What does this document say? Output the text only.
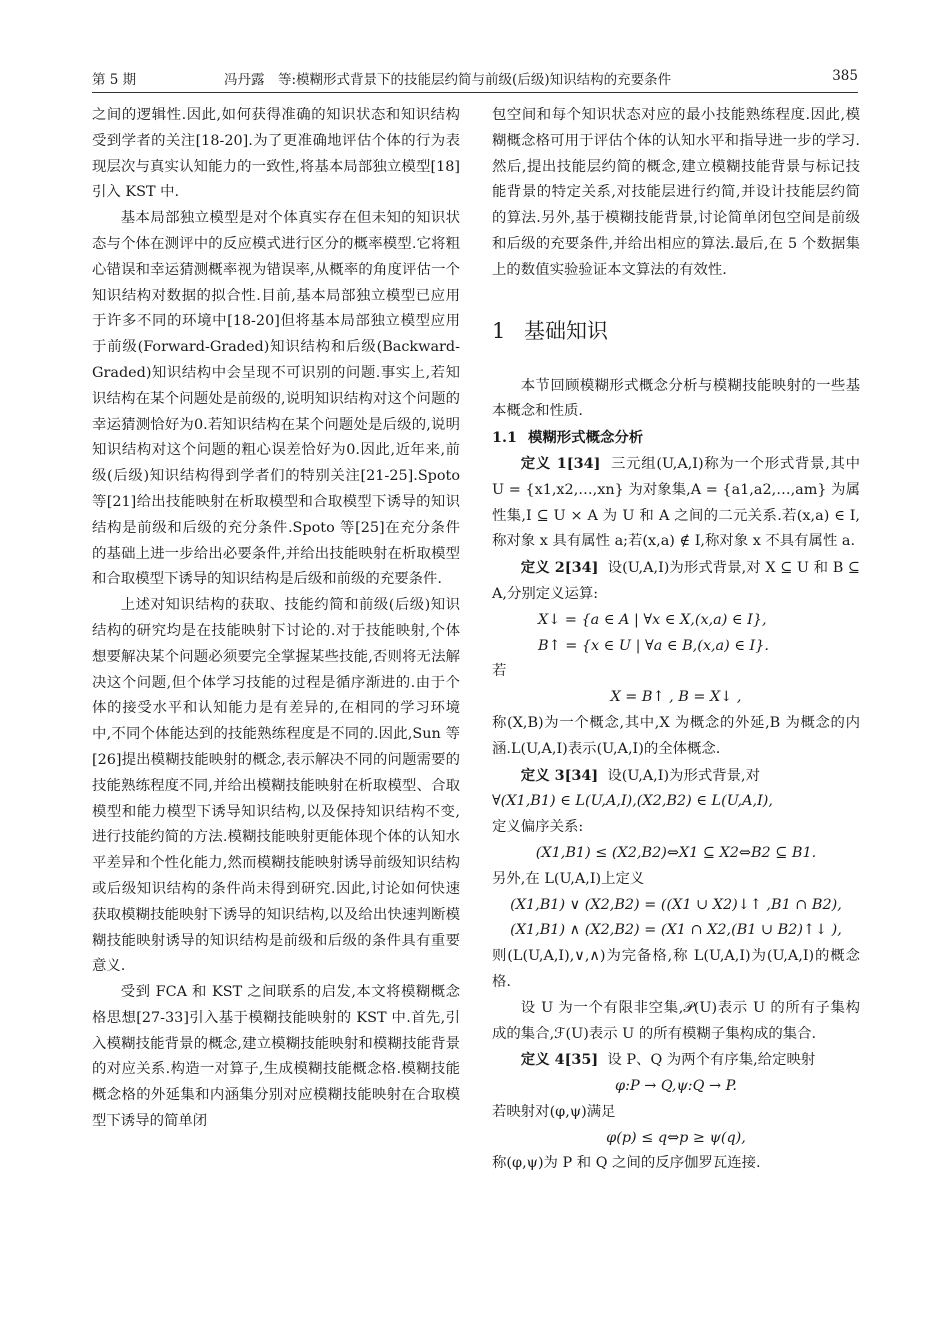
第 5 期	冯丹露　等:模糊形式背景下的技能层约简与前级(后级)知识结构的充要条件	385

之间的逻辑性.因此,如何获得准确的知识状态和知识结构受到学者的关注[18-20].为了更准确地评估个体的行为表现层次与真实认知能力的一致性,将基本局部独立模型[18]引入 KST 中.

基本局部独立模型是对个体真实存在但未知的知识状态与个体在测评中的反应模式进行区分的概率模型.它将粗心错误和幸运猜测概率视为错误率,从概率的角度评估一个知识结构对数据的拟合性.目前,基本局部独立模型已应用于许多不同的环境中[18-20]但将基本局部独立模型应用于前级(Forward-Graded)知识结构和后级(Backward-Graded)知识结构中会呈现不可识别的问题.事实上,若知识结构在某个问题处是前级的,说明知识结构对这个问题的幸运猜测恰好为0.若知识结构在某个问题处是后级的,说明知识结构对这个问题的粗心误差恰好为0.因此,近年来,前级(后级)知识结构得到学者们的特别关注[21-25].Spoto 等[21]给出技能映射在析取模型和合取模型下诱导的知识结构是前级和后级的充分条件.Spoto 等[25]在充分条件的基础上进一步给出必要条件,并给出技能映射在析取模型和合取模型下诱导的知识结构是后级和前级的充要条件.

上述对知识结构的获取、技能约简和前级(后级)知识结构的研究均是在技能映射下讨论的.对于技能映射,个体想要解决某个问题必须要完全掌握某些技能,否则将无法解决这个问题,但个体学习技能的过程是循序渐进的.由于个体的接受水平和认知能力是有差异的,在相同的学习环境中,不同个体能达到的技能熟练程度是不同的.因此,Sun 等[26]提出模糊技能映射的概念,表示解决不同的问题需要的技能熟练程度不同,并给出模糊技能映射在析取模型、合取模型和能力模型下诱导知识结构,以及保持知识结构不变,进行技能约简的方法.模糊技能映射更能体现个体的认知水平差异和个性化能力,然而模糊技能映射诱导前级知识结构或后级知识结构的条件尚未得到研究.因此,讨论如何快速获取模糊技能映射下诱导的知识结构,以及给出快速判断模糊技能映射诱导的知识结构是前级和后级的条件具有重要意义.

受到 FCA 和 KST 之间联系的启发,本文将模糊概念格思想[27-33]引入基于模糊技能映射的 KST 中.首先,引入模糊技能背景的概念,建立模糊技能映射和模糊技能背景的对应关系.构造一对算子,生成模糊技能概念格.模糊技能概念格的外延集和内涵集分别对应模糊技能映射在合取模型下诱导的简单闭

包空间和每个知识状态对应的最小技能熟练程度.因此,模糊概念格可用于评估个体的认知水平和指导进一步的学习.然后,提出技能层约简的概念,建立模糊技能背景与标记技能背景的特定关系,对技能层进行约简,并设计技能层约简的算法.另外,基于模糊技能背景,讨论简单闭包空间是前级和后级的充要条件,并给出相应的算法.最后,在 5 个数据集上的数值实验验证本文算法的有效性.

1 基础知识

本节回顾模糊形式概念分析与模糊技能映射的一些基本概念和性质.

1.1 模糊形式概念分析

定义 1[34] 三元组(U,A,I)称为一个形式背景,其中 U = {x1,x2,…,xn} 为对象集,A = {a1,a2,…,am} 为属性集,I ⊆ U × A 为 U 和 A 之间的二元关系.若(x,a) ∈ I,称对象 x 具有属性 a;若(x,a) ∉ I,称对象 x 不具有属性 a.

定义 2[34] 设(U,A,I)为形式背景,对 X ⊆ U 和 B ⊆ A,分别定义运算:

X↓ = {a ∈ A | ∀x ∈ X,(x,a) ∈ I},

B↑ = {x ∈ U | ∀a ∈ B,(x,a) ∈ I}.

若

X = B↑ , B = X↓ ,

称(X,B)为一个概念,其中,X 为概念的外延,B 为概念的内涵.L(U,A,I)表示(U,A,I)的全体概念.

定义 3[34] 设(U,A,I)为形式背景,对

∀(X1,B1) ∈ L(U,A,I),(X2,B2) ∈ L(U,A,I),

定义偏序关系:

(X1,B1) ≤ (X2,B2)⇔X1 ⊆ X2⇔B2 ⊆ B1.

另外,在 L(U,A,I)上定义

(X1,B1) ∨ (X2,B2) = ((X1 ∪ X2)↓↑ ,B1 ∩ B2),

(X1,B1) ∧ (X2,B2) = (X1 ∩ X2,(B1 ∪ B2)↑↓ ),

则(L(U,A,I),∨,∧)为完备格,称 L(U,A,I)为(U,A,I)的概念格.

设 U 为一个有限非空集,𝒫(U)表示 U 的所有子集构成的集合,ℱ(U)表示 U 的所有模糊子集构成的集合.

定义 4[35] 设 P、Q 为两个有序集,给定映射

φ:P → Q,ψ:Q → P.

若映射对(φ,ψ)满足

φ(p) ≤ q⇔p ≥ ψ(q),

称(φ,ψ)为 P 和 Q 之间的反序伽罗瓦连接.
